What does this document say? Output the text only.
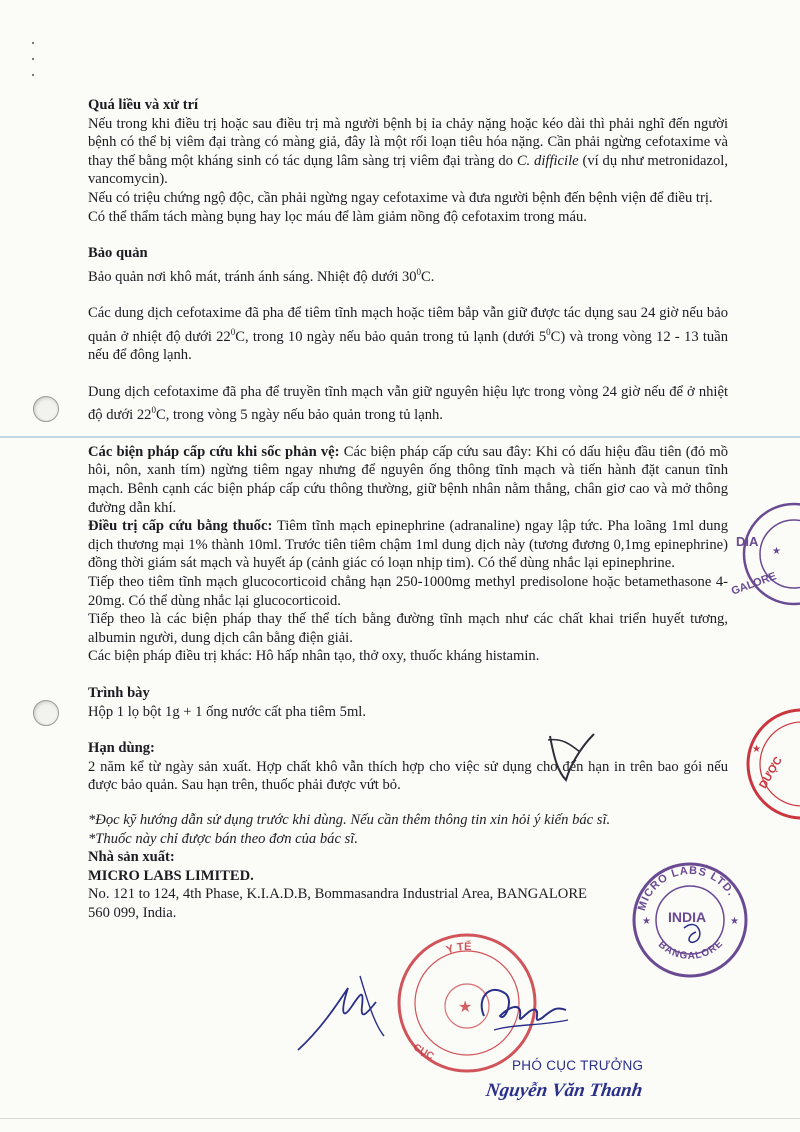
Quá liều và xử trí

Nếu trong khi điều trị hoặc sau điều trị mà người bệnh bị ỉa chảy nặng hoặc kéo dài thì phải nghĩ đến người bệnh có thể bị viêm đại tràng có màng giả, đây là một rối loạn tiêu hóa nặng. Cần phải ngừng cefotaxime và thay thế bằng một kháng sinh có tác dụng lâm sàng trị viêm đại tràng do C. difficile (ví dụ như metronidazol, vancomycin).

Nếu có triệu chứng ngộ độc, cần phải ngừng ngay cefotaxime và đưa người bệnh đến bệnh viện để điều trị.

Có thể thẩm tách màng bụng hay lọc máu để làm giảm nồng độ cefotaxim trong máu.

Bảo quản

Bảo quản nơi khô mát, tránh ánh sáng. Nhiệt độ dưới $30^0C$.

Các dung dịch cefotaxime đã pha để tiêm tĩnh mạch hoặc tiêm bắp vẫn giữ được tác dụng sau 24 giờ nếu bảo quản ở nhiệt độ dưới $22^0C$, trong 10 ngày nếu bảo quản trong tủ lạnh (dưới $5^0C$) và trong vòng 12 - 13 tuần nếu để đông lạnh.

Dung dịch cefotaxime đã pha để truyền tĩnh mạch vẫn giữ nguyên hiệu lực trong vòng 24 giờ nếu để ở nhiệt độ dưới $22^0C$, trong vòng 5 ngày nếu bảo quản trong tủ lạnh.

Các biện pháp cấp cứu khi sốc phản vệ: Các biện pháp cấp cứu sau đây: Khi có dấu hiệu đầu tiên (đỏ mồ hôi, nôn, xanh tím) ngừng tiêm ngay nhưng để nguyên ống thông tĩnh mạch và tiến hành đặt canun tĩnh mạch. Bênh cạnh các biện pháp cấp cứu thông thường, giữ bệnh nhân nằm thẳng, chân giơ cao và mở thông đường dẫn khí.

Điều trị cấp cứu bằng thuốc: Tiêm tĩnh mạch epinephrine (adranaline) ngay lập tức. Pha loãng 1ml dung dịch thương mại 1% thành 10ml. Trước tiên tiêm chậm 1ml dung dịch này (tương đương 0,1mg epinephrine) đồng thời giám sát mạch và huyết áp (cảnh giác có loạn nhịp tim). Có thể dùng nhắc lại epinephrine.

Tiếp theo tiêm tĩnh mạch glucocorticoid chẳng hạn 250-1000mg methyl predisolone hoặc betamethasone 4-20mg. Có thể dùng nhắc lại glucocorticoid.

Tiếp theo là các biện pháp thay thế thể tích bằng đường tĩnh mạch như các chất khai triển huyết tương, albumin người, dung dịch cân bằng điện giải.

Các biện pháp điều trị khác: Hô hấp nhân tạo, thở oxy, thuốc kháng histamin.

Trình bày

Hộp 1 lọ bột 1g + 1 ống nước cất pha tiêm 5ml.

Hạn dùng:

2 năm kể từ ngày sản xuất. Hợp chất khô vẫn thích hợp cho việc sử dụng cho đến hạn in trên bao gói nếu được bảo quản. Sau hạn trên, thuốc phải được vứt bỏ.

*Đọc kỹ hướng dẫn sử dụng trước khi dùng. Nếu cần thêm thông tin xin hỏi ý kiến bác sĩ.

*Thuốc này chỉ được bán theo đơn của bác sĩ.

Nhà sản xuất:

MICRO LABS LIMITED.

No. 121 to 124, 4th Phase, K.I.A.D.B, Bommasandra Industrial Area, BANGALORE

560 099, India.

DIA
GALORE
★
DƯỢC
★
MICRO LABS LTD.
BANGALORE
INDIA
★	★
Y TẾ
CỤC
★
PHÓ CỤC TRƯỞNG
Nguyễn Văn Thanh
